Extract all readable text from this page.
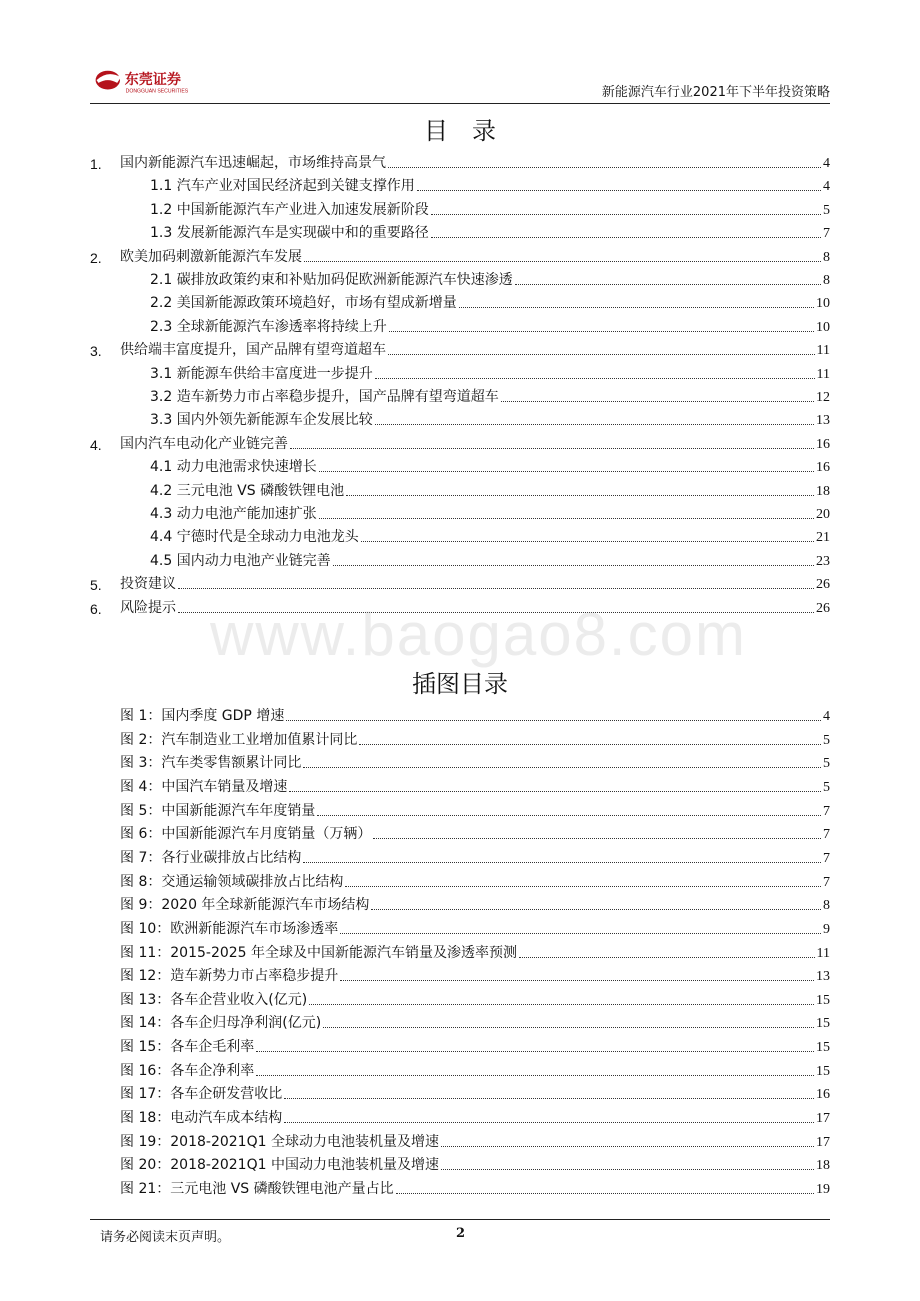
东莞证券
DONGGUAN SECURITIES	新能源汽车行业2021年下半年投资策略
目　录
1.	国内新能源汽车迅速崛起，市场维持高景气	4
1.1 汽车产业对国民经济起到关键支撑作用	4
1.2 中国新能源汽车产业进入加速发展新阶段	5
1.3 发展新能源汽车是实现碳中和的重要路径	7
2.	欧美加码刺激新能源汽车发展	8
2.1 碳排放政策约束和补贴加码促欧洲新能源汽车快速渗透	8
2.2 美国新能源政策环境趋好，市场有望成新增量	10
2.3 全球新能源汽车渗透率将持续上升	10
3.	供给端丰富度提升，国产品牌有望弯道超车	11
3.1 新能源车供给丰富度进一步提升	11
3.2 造车新势力市占率稳步提升，国产品牌有望弯道超车	12
3.3 国内外领先新能源车企发展比较	13
4.	国内汽车电动化产业链完善	16
4.1 动力电池需求快速增长	16
4.2 三元电池 VS 磷酸铁锂电池	18
4.3 动力电池产能加速扩张	20
4.4 宁德时代是全球动力电池龙头	21
4.5 国内动力电池产业链完善	23
5.	投资建议	26
6.	风险提示	26
www.baogao8.com
插图目录
图 1：国内季度 GDP 增速	4
图 2：汽车制造业工业增加值累计同比	5
图 3：汽车类零售额累计同比	5
图 4：中国汽车销量及增速	5
图 5：中国新能源汽车年度销量	7
图 6：中国新能源汽车月度销量（万辆）	7
图 7：各行业碳排放占比结构	7
图 8：交通运输领域碳排放占比结构	7
图 9：2020 年全球新能源汽车市场结构	8
图 10：欧洲新能源汽车市场渗透率	9
图 11：2015-2025 年全球及中国新能源汽车销量及渗透率预测	11
图 12：造车新势力市占率稳步提升	13
图 13：各车企营业收入(亿元)	15
图 14：各车企归母净利润(亿元)	15
图 15：各车企毛利率	15
图 16：各车企净利率	15
图 17：各车企研发营收比	16
图 18：电动汽车成本结构	17
图 19：2018-2021Q1 全球动力电池装机量及增速	17
图 20：2018-2021Q1 中国动力电池装机量及增速	18
图 21：三元电池 VS 磷酸铁锂电池产量占比	19
请务必阅读末页声明。	2
